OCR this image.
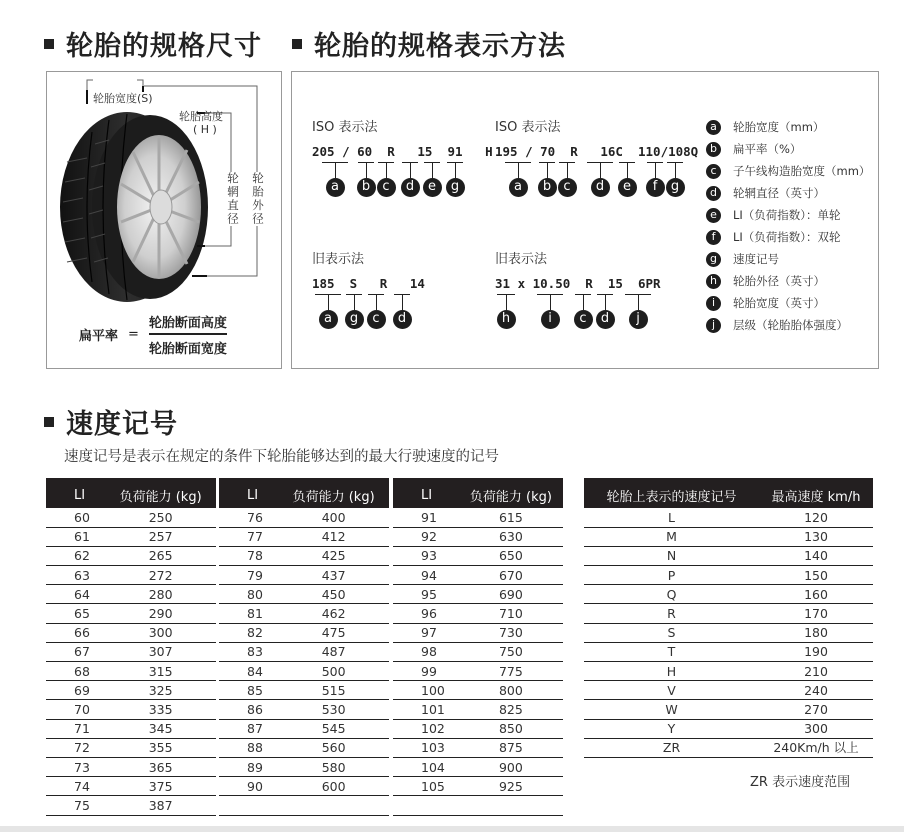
轮胎的规格尺寸 轮胎的规格表示方法
轮胎宽度(S)
轮胎高度
( H )
轮辋直径 轮胎外径
扁平率 = $\frac{\text{轮胎断面高度}}{\text{轮胎断面宽度}}$
ISO 表示法
205 / 60  R   15  91   H
a	b c	d	e	g
ISO 表示法
195 / 70  R   16C  110/108Q
a	b c	d	e	f	g
旧表示法
185  S   R   14
a	g	c	d
旧表示法
31 x 10.50  R  15  6PR
h	i	c	d	j
a	轮胎宽度（mm）
b	扁平率（%）
c	子午线构造胎宽度（mm）
d	轮辋直径（英寸）
e	LI（负荷指数）：单轮
f	LI（负荷指数）：双轮
g	速度记号
h	轮胎外径（英寸）
i	轮胎宽度（英寸）
j	层级（轮胎胎体强度）
速度记号
速度记号是表示在规定的条件下轮胎能够达到的最大行驶速度的记号
LI	负荷能力 (kg)
60	250
61	257
62	265
63	272
64	280
65	290
66	300
67	307
68	315
69	325
70	335
71	345
72	355
73	365
74	375
75	387
LI	负荷能力 (kg)
76	400
77	412
78	425
79	437
80	450
81	462
82	475
83	487
84	500
85	515
86	530
87	545
88	560
89	580
90	600

LI	负荷能力 (kg)
91	615
92	630
93	650
94	670
95	690
96	710
97	730
98	750
99	775
100	800
101	825
102	850
103	875
104	900
105	925

轮胎上表示的速度记号	最高速度 km/h
L	120
M	130
N	140
P	150
Q	160
R	170
S	180
T	190
H	210
V	240
W	270
Y	300
ZR	240Km/h 以上
ZR 表示速度范围
